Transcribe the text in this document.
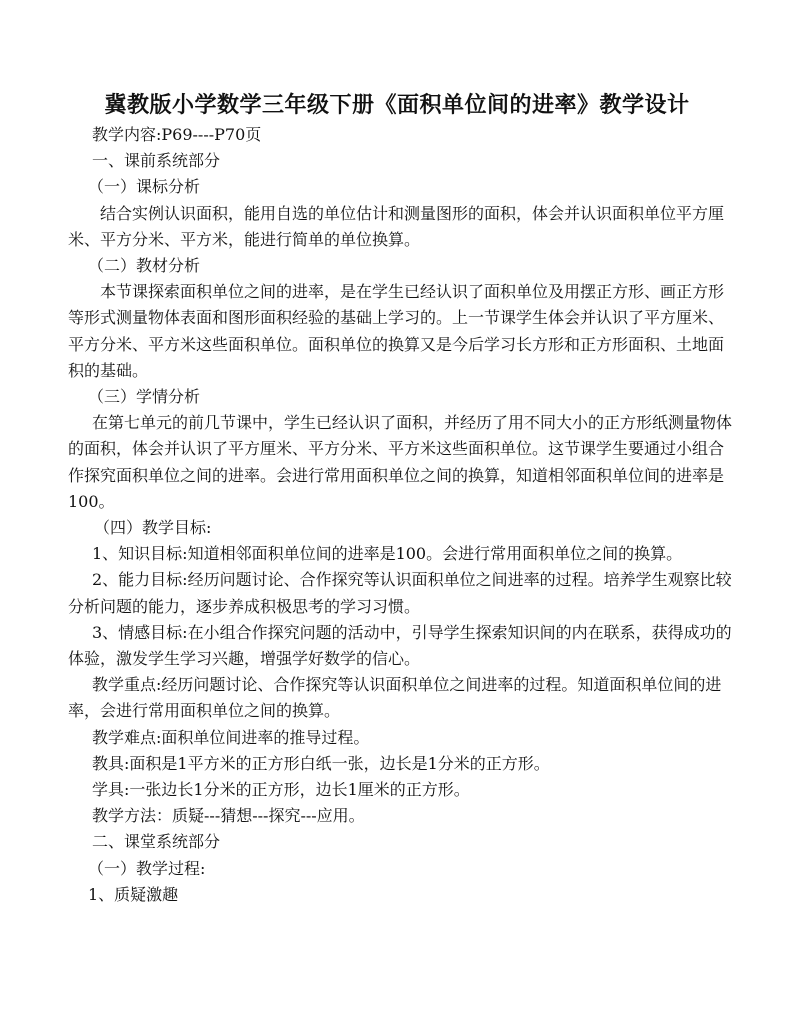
冀教版小学数学三年级下册《面积单位间的进率》教学设计

教学内容:P69----P70页

一、课前系统部分

（一）课标分析

结合实例认识面积，能用自选的单位估计和测量图形的面积，体会并认识面积单位平方厘米、平方分米、平方米，能进行简单的单位换算。

（二）教材分析

本节课探索面积单位之间的进率，是在学生已经认识了面积单位及用摆正方形、画正方形等形式测量物体表面和图形面积经验的基础上学习的。上一节课学生体会并认识了平方厘米、平方分米、平方米这些面积单位。面积单位的换算又是今后学习长方形和正方形面积、土地面积的基础。

（三）学情分析

在第七单元的前几节课中，学生已经认识了面积，并经历了用不同大小的正方形纸测量物体的面积，体会并认识了平方厘米、平方分米、平方米这些面积单位。这节课学生要通过小组合作探究面积单位之间的进率。会进行常用面积单位之间的换算，知道相邻面积单位间的进率是100。

（四）教学目标:

1、知识目标:知道相邻面积单位间的进率是100。会进行常用面积单位之间的换算。

2、能力目标:经历问题讨论、合作探究等认识面积单位之间进率的过程。培养学生观察比较分析问题的能力，逐步养成积极思考的学习习惯。

3、情感目标:在小组合作探究问题的活动中，引导学生探索知识间的内在联系，获得成功的体验，激发学生学习兴趣，增强学好数学的信心。

教学重点:经历问题讨论、合作探究等认识面积单位之间进率的过程。知道面积单位间的进率，会进行常用面积单位之间的换算。

教学难点:面积单位间进率的推导过程。

教具:面积是1平方米的正方形白纸一张，边长是1分米的正方形。

学具:一张边长1分米的正方形，边长1厘米的正方形。

教学方法：质疑---猜想---探究---应用。

二、课堂系统部分

（一）教学过程:

1、质疑激趣
